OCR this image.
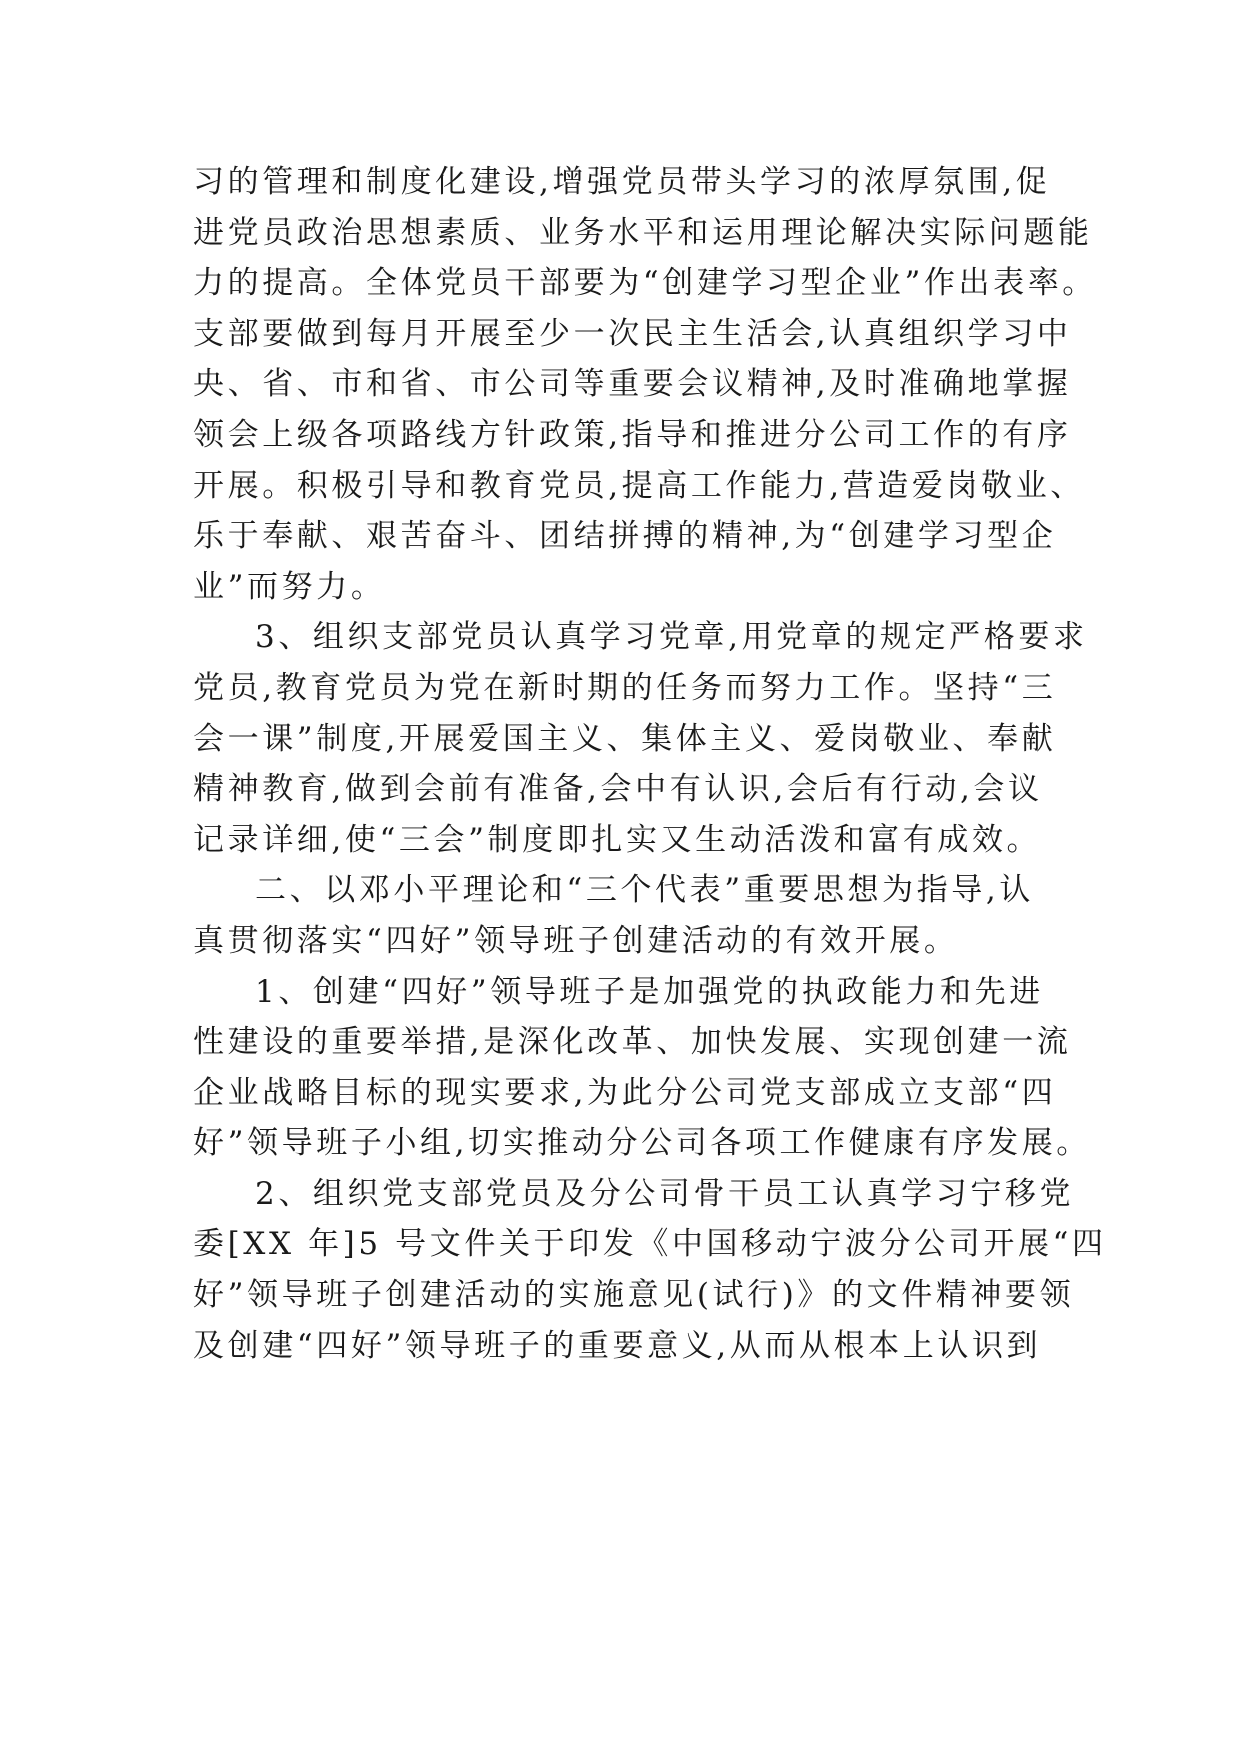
习的管理和制度化建设,增强党员带头学习的浓厚氛围,促
进党员政治思想素质、业务水平和运用理论解决实际问题能
力的提高。全体党员干部要为“创建学习型企业”作出表率。
支部要做到每月开展至少一次民主生活会,认真组织学习中
央、省、市和省、市公司等重要会议精神,及时准确地掌握
领会上级各项路线方针政策,指导和推进分公司工作的有序
开展。积极引导和教育党员,提高工作能力,营造爱岗敬业、
乐于奉献、艰苦奋斗、团结拼搏的精神,为“创建学习型企
业”而努力。
3、组织支部党员认真学习党章,用党章的规定严格要求
党员,教育党员为党在新时期的任务而努力工作。坚持“三
会一课”制度,开展爱国主义、集体主义、爱岗敬业、奉献
精神教育,做到会前有准备,会中有认识,会后有行动,会议
记录详细,使“三会”制度即扎实又生动活泼和富有成效。
二、以邓小平理论和“三个代表”重要思想为指导,认
真贯彻落实“四好”领导班子创建活动的有效开展。
1、创建“四好”领导班子是加强党的执政能力和先进
性建设的重要举措,是深化改革、加快发展、实现创建一流
企业战略目标的现实要求,为此分公司党支部成立支部“四
好”领导班子小组,切实推动分公司各项工作健康有序发展。
2、组织党支部党员及分公司骨干员工认真学习宁移党
委[XX 年]5 号文件关于印发《中国移动宁波分公司开展“四
好”领导班子创建活动的实施意见(试行)》的文件精神要领
及创建“四好”领导班子的重要意义,从而从根本上认识到
